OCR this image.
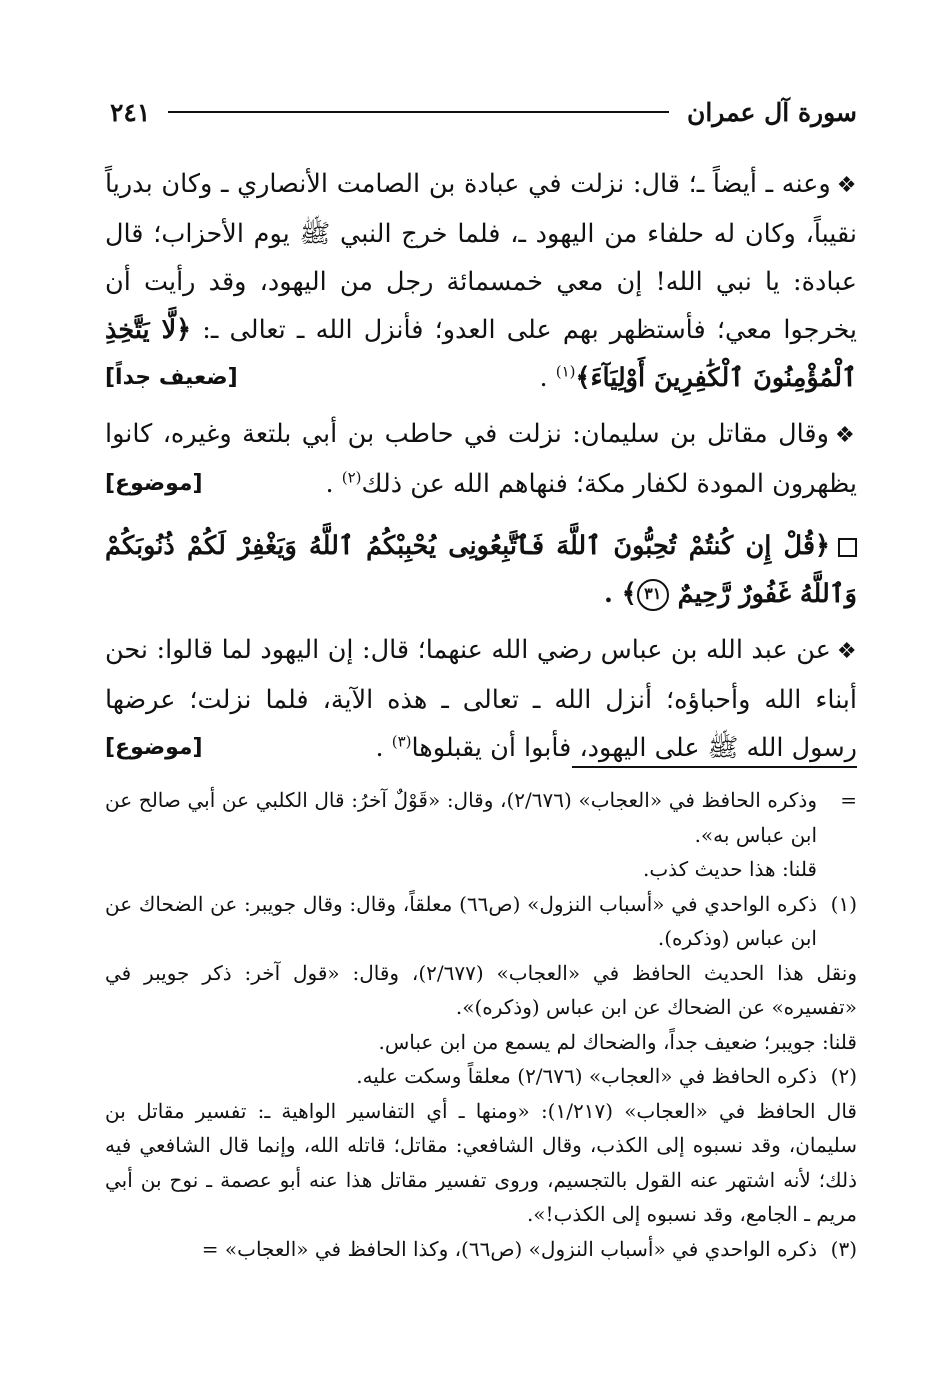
سورة آل عمران
٢٤١

❖وعنه ـ أيضاً ـ؛ قال: نزلت في عبادة بن الصامت الأنصاري ـ وكان بدرياً نقيباً، وكان له حلفاء من اليهود ـ، فلما خرج النبي ﷺ يوم الأحزاب؛ قال عبادة: يا نبي الله! إن معي خمسمائة رجل من اليهود، وقد رأيت أن يخرجوا معي؛ فأستظهر بهم على العدو؛ فأنزل الله ـ تعالى ـ: ﴿لَّا يَتَّخِذِ ٱلْمُؤْمِنُونَ ٱلْكَٰفِرِينَ أَوْلِيَآءَ﴾$^{(١)}$ .
[ضعيف جداً]

❖وقال مقاتل بن سليمان: نزلت في حاطب بن أبي بلتعة وغيره، كانوا يظهرون المودة لكفار مكة؛ فنهاهم الله عن ذلك$^{(٢)}$ .
[موضوع]

﴿قُلْ إِن كُنتُمْ تُحِبُّونَ ٱللَّهَ فَٱتَّبِعُونِى يُحْبِبْكُمُ ٱللَّهُ وَيَغْفِرْ لَكُمْ ذُنُوبَكُمْ وَٱللَّهُ غَفُورٌ رَّحِيمٌ ٣١﴾ .

❖عن عبد الله بن عباس رضي الله عنهما؛ قال: إن اليهود لما قالوا: نحن أبناء الله وأحباؤه؛ أنزل الله ـ تعالى ـ هذه الآية، فلما نزلت؛ عرضها رسول الله ﷺ على اليهود، فأبوا أن يقبلوها$^{(٣)}$ .
[موضوع]

=
وذكره الحافظ في «العجاب» (٢/٦٧٦)، وقال: «قَوْلٌ آخرُ: قال الكلبي عن أبي صالح عن ابن عباس به».
قلنا: هذا حديث كذب.
(١)
ذكره الواحدي في «أسباب النزول» (ص٦٦) معلقاً، وقال: وقال جويبر: عن الضحاك عن ابن عباس (وذكره).
ونقل هذا الحديث الحافظ في «العجاب» (٢/٦٧٧)، وقال: «قول آخر: ذكر جويبر في «تفسيره» عن الضحاك عن ابن عباس (وذكره)».
قلنا: جويبر؛ ضعيف جداً، والضحاك لم يسمع من ابن عباس.
(٢)
ذكره الحافظ في «العجاب» (٢/٦٧٦) معلقاً وسكت عليه.
قال الحافظ في «العجاب» (١/٢١٧): «ومنها ـ أي التفاسير الواهية ـ: تفسير مقاتل بن سليمان، وقد نسبوه إلى الكذب، وقال الشافعي: مقاتل؛ قاتله الله، وإنما قال الشافعي فيه ذلك؛ لأنه اشتهر عنه القول بالتجسيم، وروى تفسير مقاتل هذا عنه أبو عصمة ـ نوح بن أبي مريم ـ الجامع، وقد نسبوه إلى الكذب!».
(٣)
ذكره الواحدي في «أسباب النزول» (ص٦٦)، وكذا الحافظ في «العجاب» =
